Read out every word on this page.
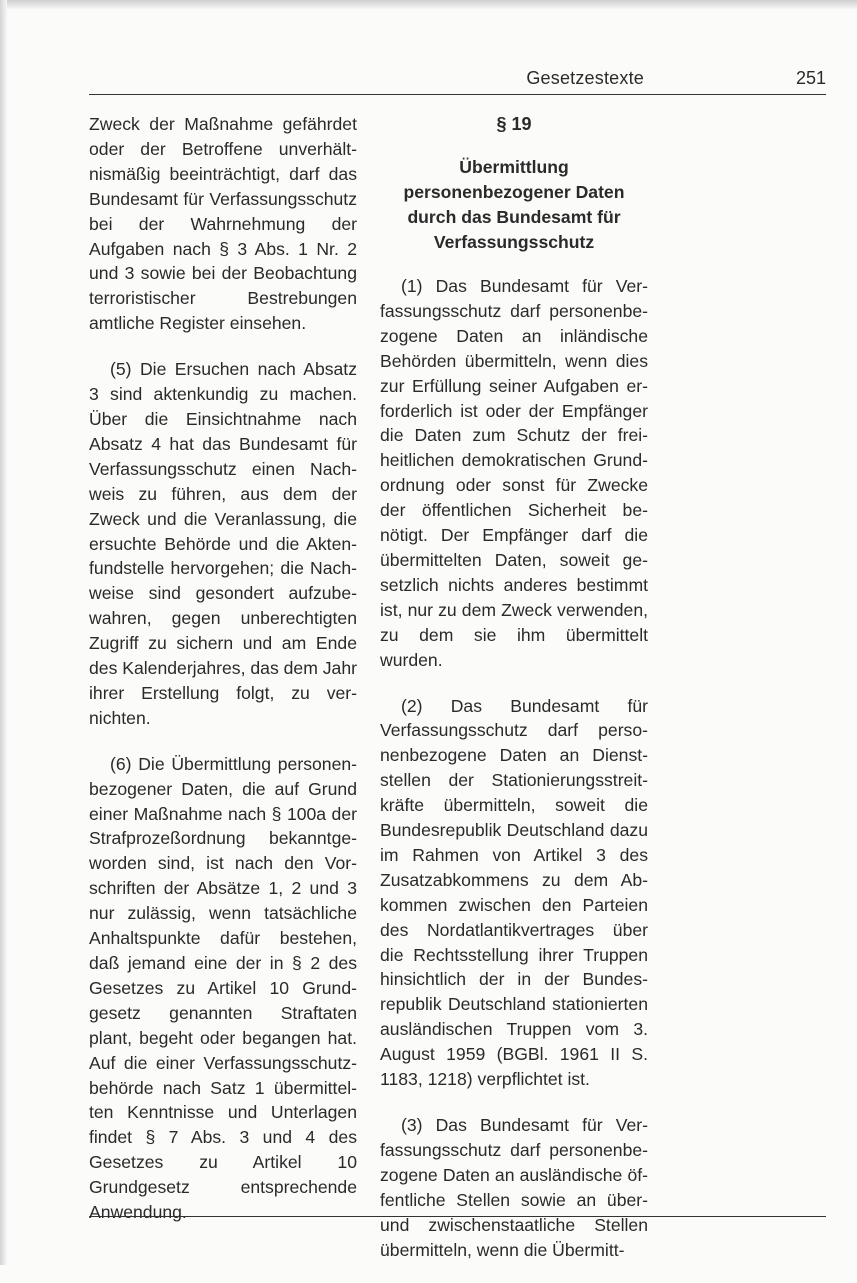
Gesetzestexte	251

Zweck der Maßnahme gefährdet oder der Betroffene unverhältnismäßig beeinträchtigt, darf das Bundesamt für Verfassungsschutz bei der Wahrnehmung der Aufgaben nach § 3 Abs. 1 Nr. 2 und 3 sowie bei der Beobachtung terroristischer Bestrebungen amtliche Register einsehen.

(5) Die Ersuchen nach Absatz 3 sind aktenkundig zu machen. Über die Einsichtnahme nach Absatz 4 hat das Bundesamt für Verfassungsschutz einen Nachweis zu führen, aus dem der Zweck und die Veranlassung, die ersuchte Behörde und die Aktenfundstelle hervorgehen; die Nachweise sind gesondert aufzubewahren, gegen unberechtigten Zugriff zu sichern und am Ende des Kalenderjahres, das dem Jahr ihrer Erstellung folgt, zu vernichten.

(6) Die Übermittlung personenbezogener Daten, die auf Grund einer Maßnahme nach § 100a der Strafprozeßordnung bekanntgeworden sind, ist nach den Vorschriften der Absätze 1, 2 und 3 nur zulässig, wenn tatsächliche Anhaltspunkte dafür bestehen, daß jemand eine der in § 2 des Gesetzes zu Artikel 10 Grundgesetz genannten Straftaten plant, begeht oder begangen hat. Auf die einer Verfassungsschutzbehörde nach Satz 1 übermittelten Kenntnisse und Unterlagen findet § 7 Abs. 3 und 4 des Gesetzes zu Artikel 10 Grundgesetz entsprechende Anwendung.

§ 19
Übermittlung personenbezogener Daten durch das Bundesamt für Verfassungsschutz

(1) Das Bundesamt für Verfassungsschutz darf personenbezogene Daten an inländische Behörden übermitteln, wenn dies zur Erfüllung seiner Aufgaben erforderlich ist oder der Empfänger die Daten zum Schutz der freiheitlichen demokratischen Grundordnung oder sonst für Zwecke der öffentlichen Sicherheit benötigt. Der Empfänger darf die übermittelten Daten, soweit gesetzlich nichts anderes bestimmt ist, nur zu dem Zweck verwenden, zu dem sie ihm übermittelt wurden.

(2) Das Bundesamt für Verfassungsschutz darf personenbezogene Daten an Dienststellen der Stationierungsstreitkräfte übermitteln, soweit die Bundesrepublik Deutschland dazu im Rahmen von Artikel 3 des Zusatzabkommens zu dem Abkommen zwischen den Parteien des Nordatlantikvertrages über die Rechtsstellung ihrer Truppen hinsichtlich der in der Bundesrepublik Deutschland stationierten ausländischen Truppen vom 3. August 1959 (BGBl. 1961 II S. 1183, 1218) verpflichtet ist.

(3) Das Bundesamt für Verfassungsschutz darf personenbezogene Daten an ausländische öffentliche Stellen sowie an über- und zwischenstaatliche Stellen übermitteln, wenn die Übermitt-
